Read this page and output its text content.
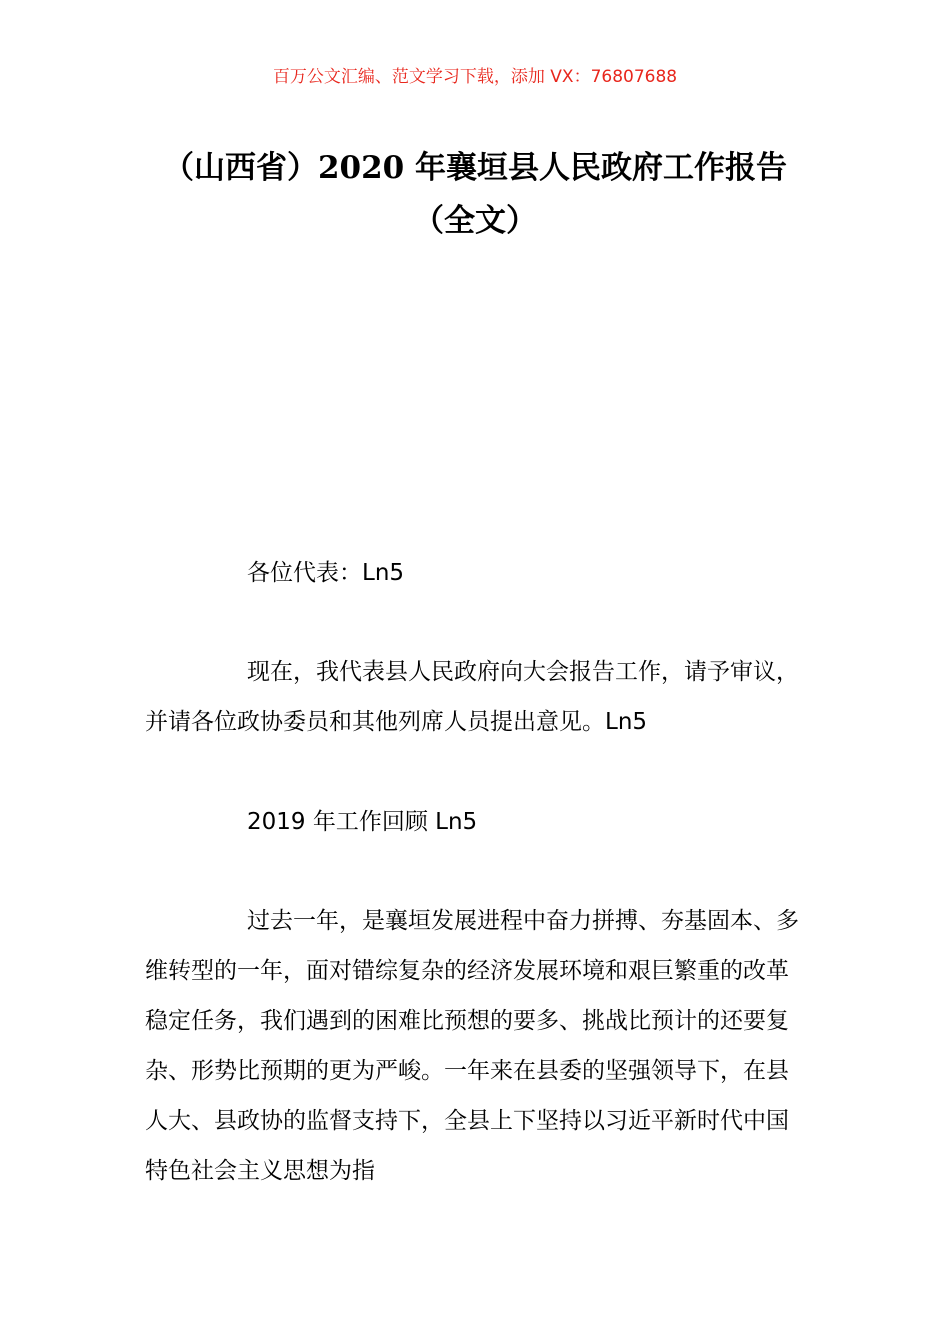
百万公文汇编、范文学习下载，添加 VX：76807688
（山西省）2020 年襄垣县人民政府工作报告（全文）

各位代表：Ln5

现在，我代表县人民政府向大会报告工作，请予审议，并请各位政协委员和其他列席人员提出意见。Ln5

2019 年工作回顾 Ln5

过去一年，是襄垣发展进程中奋力拼搏、夯基固本、多维转型的一年，面对错综复杂的经济发展环境和艰巨繁重的改革稳定任务，我们遇到的困难比预想的要多、挑战比预计的还要复杂、形势比预期的更为严峻。一年来在县委的坚强领导下，在县人大、县政协的监督支持下，全县上下坚持以习近平新时代中国特色社会主义思想为指
